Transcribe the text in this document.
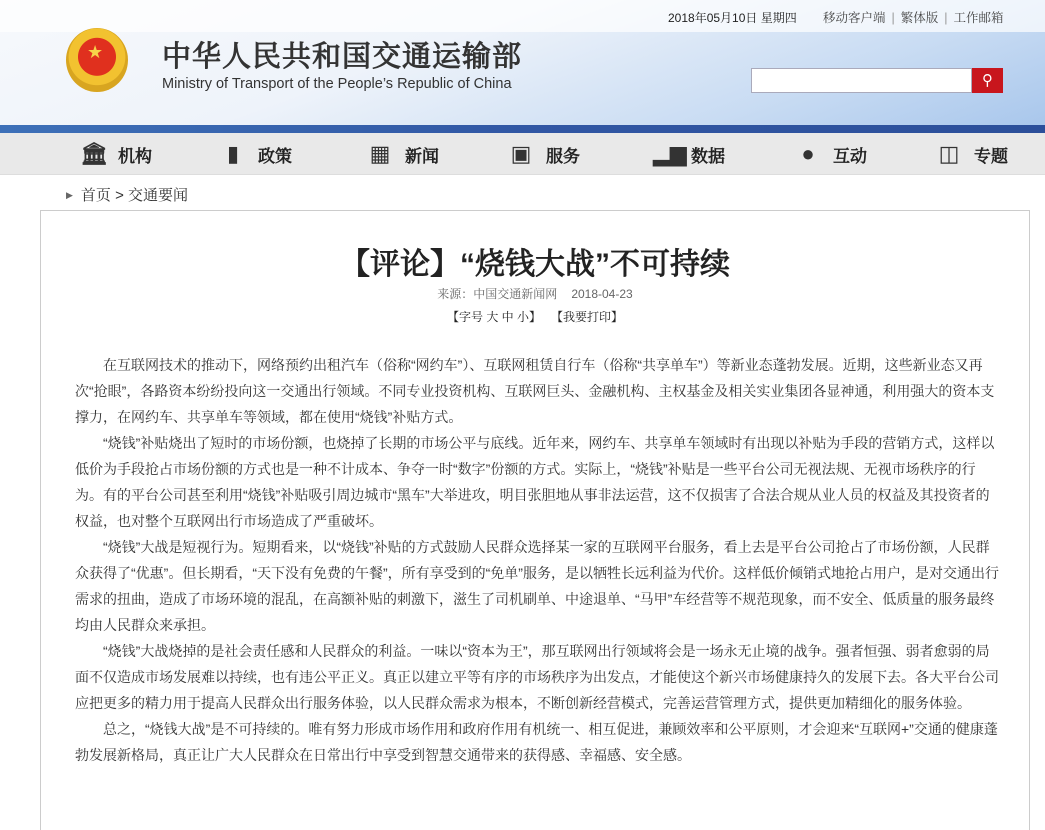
2018年05月10日 星期四 移动客户端 | 繁体版 | 工作邮箱
★
中华人民共和国交通运输部
Ministry of Transport of the People’s Republic of China	⚲
🏛 机构	▮	政策	▦ 新闻	▣ 服务	▂▆ 数据	●	互动	◫ 专题
▶ 首页 > 交通要闻
【评论】“烧钱大战”不可持续
来源：中国交通新闻网 2018-04-23
【字号 大 中 小】 【我要打印】

在互联网技术的推动下，网络预约出租汽车（俗称“网约车”）、互联网租赁自行车（俗称“共享单车”）等新业态蓬勃发展。近期，这些新业态又再次“抢眼”，各路资本纷纷投向这一交通出行领域。不同专业投资机构、互联网巨头、金融机构、主权基金及相关实业集团各显神通，利用强大的资本支撑力，在网约车、共享单车等领域，都在使用“烧钱”补贴方式。

“烧钱”补贴烧出了短时的市场份额，也烧掉了长期的市场公平与底线。近年来，网约车、共享单车领域时有出现以补贴为手段的营销方式，这样以低价为手段抢占市场份额的方式也是一种不计成本、争夺一时“数字”份额的方式。实际上，“烧钱”补贴是一些平台公司无视法规、无视市场秩序的行为。有的平台公司甚至利用“烧钱”补贴吸引周边城市“黑车”大举进攻，明目张胆地从事非法运营，这不仅损害了合法合规从业人员的权益及其投资者的权益，也对整个互联网出行市场造成了严重破坏。

“烧钱”大战是短视行为。短期看来，以“烧钱”补贴的方式鼓励人民群众选择某一家的互联网平台服务，看上去是平台公司抢占了市场份额，人民群众获得了“优惠”。但长期看，“天下没有免费的午餐”，所有享受到的“免单”服务，是以牺牲长远利益为代价。这样低价倾销式地抢占用户，是对交通出行需求的扭曲，造成了市场环境的混乱，在高额补贴的刺激下，滋生了司机刷单、中途退单、“马甲”车经营等不规范现象，而不安全、低质量的服务最终均由人民群众来承担。

“烧钱”大战烧掉的是社会责任感和人民群众的利益。一味以“资本为王”，那互联网出行领域将会是一场永无止境的战争。强者恒强、弱者愈弱的局面不仅造成市场发展难以持续，也有违公平正义。真正以建立平等有序的市场秩序为出发点，才能使这个新兴市场健康持久的发展下去。各大平台公司应把更多的精力用于提高人民群众出行服务体验，以人民群众需求为根本，不断创新经营模式，完善运营管理方式，提供更加精细化的服务体验。

总之，“烧钱大战”是不可持续的。唯有努力形成市场作用和政府作用有机统一、相互促进，兼顾效率和公平原则，才会迎来“互联网+”交通的健康蓬勃发展新格局，真正让广大人民群众在日常出行中享受到智慧交通带来的获得感、幸福感、安全感。
